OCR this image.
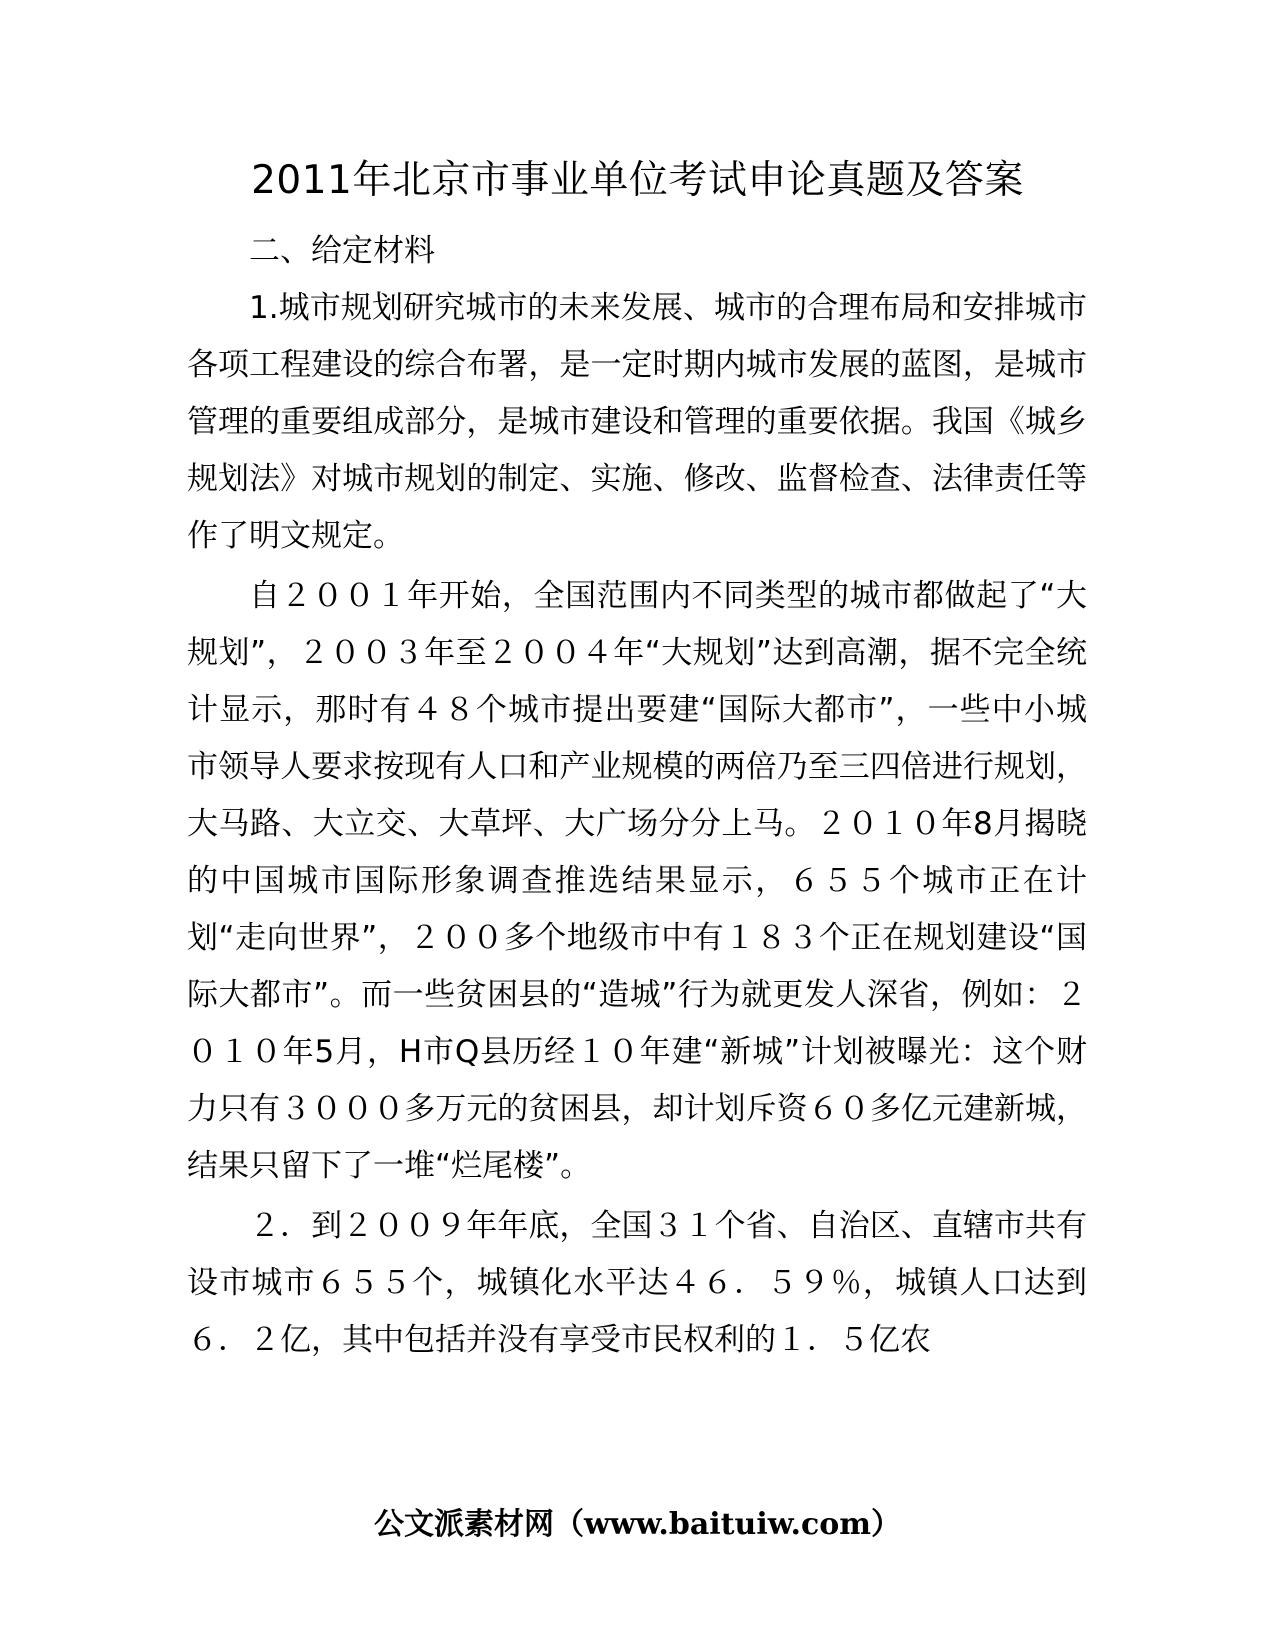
2011年北京市事业单位考试申论真题及答案

二、给定材料

1.城市规划研究城市的未来发展、城市的合理布局和安排城市各项工程建设的综合布署，是一定时期内城市发展的蓝图，是城市管理的重要组成部分，是城市建设和管理的重要依据。我国《城乡规划法》对城市规划的制定、实施、修改、监督检查、法律责任等作了明文规定。

自２００１年开始，全国范围内不同类型的城市都做起了“大规划”，２００３年至２００４年“大规划”达到高潮，据不完全统计显示，那时有４８个城市提出要建“国际大都市”，一些中小城市领导人要求按现有人口和产业规模的两倍乃至三四倍进行规划，大马路、大立交、大草坪、大广场分分上马。２０１０年8月揭晓的中国城市国际形象调查推选结果显示，６５５个城市正在计划“走向世界”，２００多个地级市中有１８３个正在规划建设“国际大都市”。而一些贫困县的“造城”行为就更发人深省，例如：２０１０年5月，H市Q县历经１０年建“新城”计划被曝光：这个财力只有３０００多万元的贫困县，却计划斥资６０多亿元建新城，结果只留下了一堆“烂尾楼”。

２．到２００９年年底，全国３１个省、自治区、直辖市共有设市城市６５５个，城镇化水平达４６．５９％，城镇人口达到６．２亿，其中包括并没有享受市民权利的１．５亿农

公文派素材网（www.baituiw.com）
